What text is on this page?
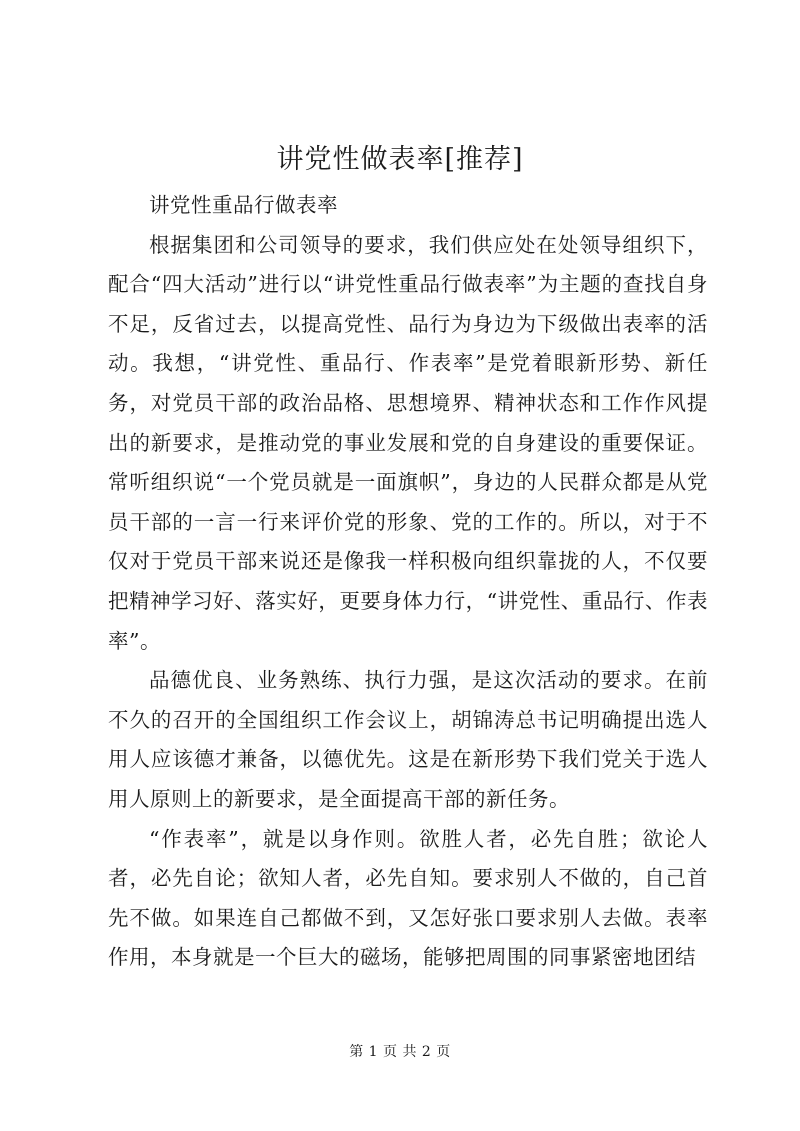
讲党性做表率[推荐]

讲党性重品行做表率

根据集团和公司领导的要求，我们供应处在处领导组织下，配合“四大活动”进行以“讲党性重品行做表率”为主题的查找自身不足，反省过去，以提高党性、品行为身边为下级做出表率的活动。我想，“讲党性、重品行、作表率”是党着眼新形势、新任务，对党员干部的政治品格、思想境界、精神状态和工作作风提出的新要求，是推动党的事业发展和党的自身建设的重要保证。常听组织说“一个党员就是一面旗帜”，身边的人民群众都是从党员干部的一言一行来评价党的形象、党的工作的。所以，对于不仅对于党员干部来说还是像我一样积极向组织靠拢的人，不仅要把精神学习好、落实好，更要身体力行，“讲党性、重品行、作表率”。

品德优良、业务熟练、执行力强，是这次活动的要求。在前不久的召开的全国组织工作会议上，胡锦涛总书记明确提出选人用人应该德才兼备，以德优先。这是在新形势下我们党关于选人用人原则上的新要求，是全面提高干部的新任务。

“作表率”，就是以身作则。欲胜人者，必先自胜；欲论人者，必先自论；欲知人者，必先自知。要求别人不做的，自己首先不做。如果连自己都做不到，又怎好张口要求别人去做。表率作用，本身就是一个巨大的磁场，能够把周围的同事紧密地团结

第 1 页 共 2 页
